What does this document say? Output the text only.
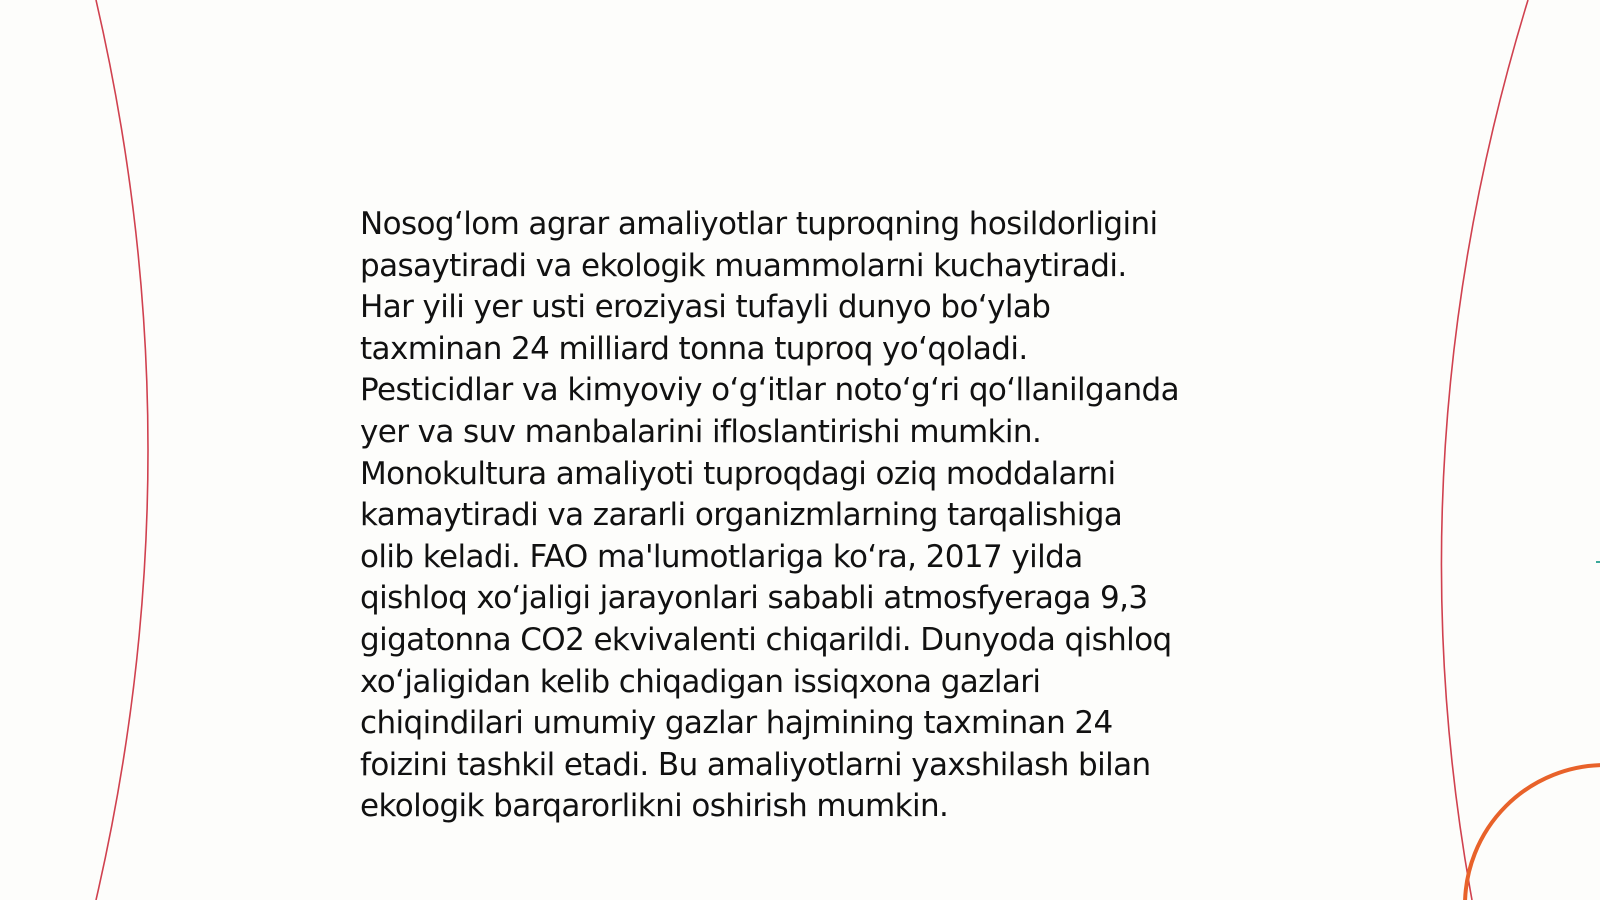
Nosog‘lom agrar amaliyotlar tuproqning hosildorligini
pasaytiradi va ekologik muammolarni kuchaytiradi.
Har yili yer usti eroziyasi tufayli dunyo bo‘ylab
taxminan 24 milliard tonna tuproq yo‘qoladi.
Pesticidlar va kimyoviy o‘g‘itlar noto‘g‘ri qo‘llanilganda
yer va suv manbalarini ifloslantirishi mumkin.
Monokultura amaliyoti tuproqdagi oziq moddalarni
kamaytiradi va zararli organizmlarning tarqalishiga
olib keladi. FAO ma'lumotlariga ko‘ra, 2017 yilda
qishloq xo‘jaligi jarayonlari sababli atmosfyeraga 9,3
gigatonna CO2 ekvivalenti chiqarildi. Dunyoda qishloq
xo‘jaligidan kelib chiqadigan issiqxona gazlari
chiqindilari umumiy gazlar hajmining taxminan 24
foizini tashkil etadi. Bu amaliyotlarni yaxshilash bilan
ekologik barqarorlikni oshirish mumkin.
